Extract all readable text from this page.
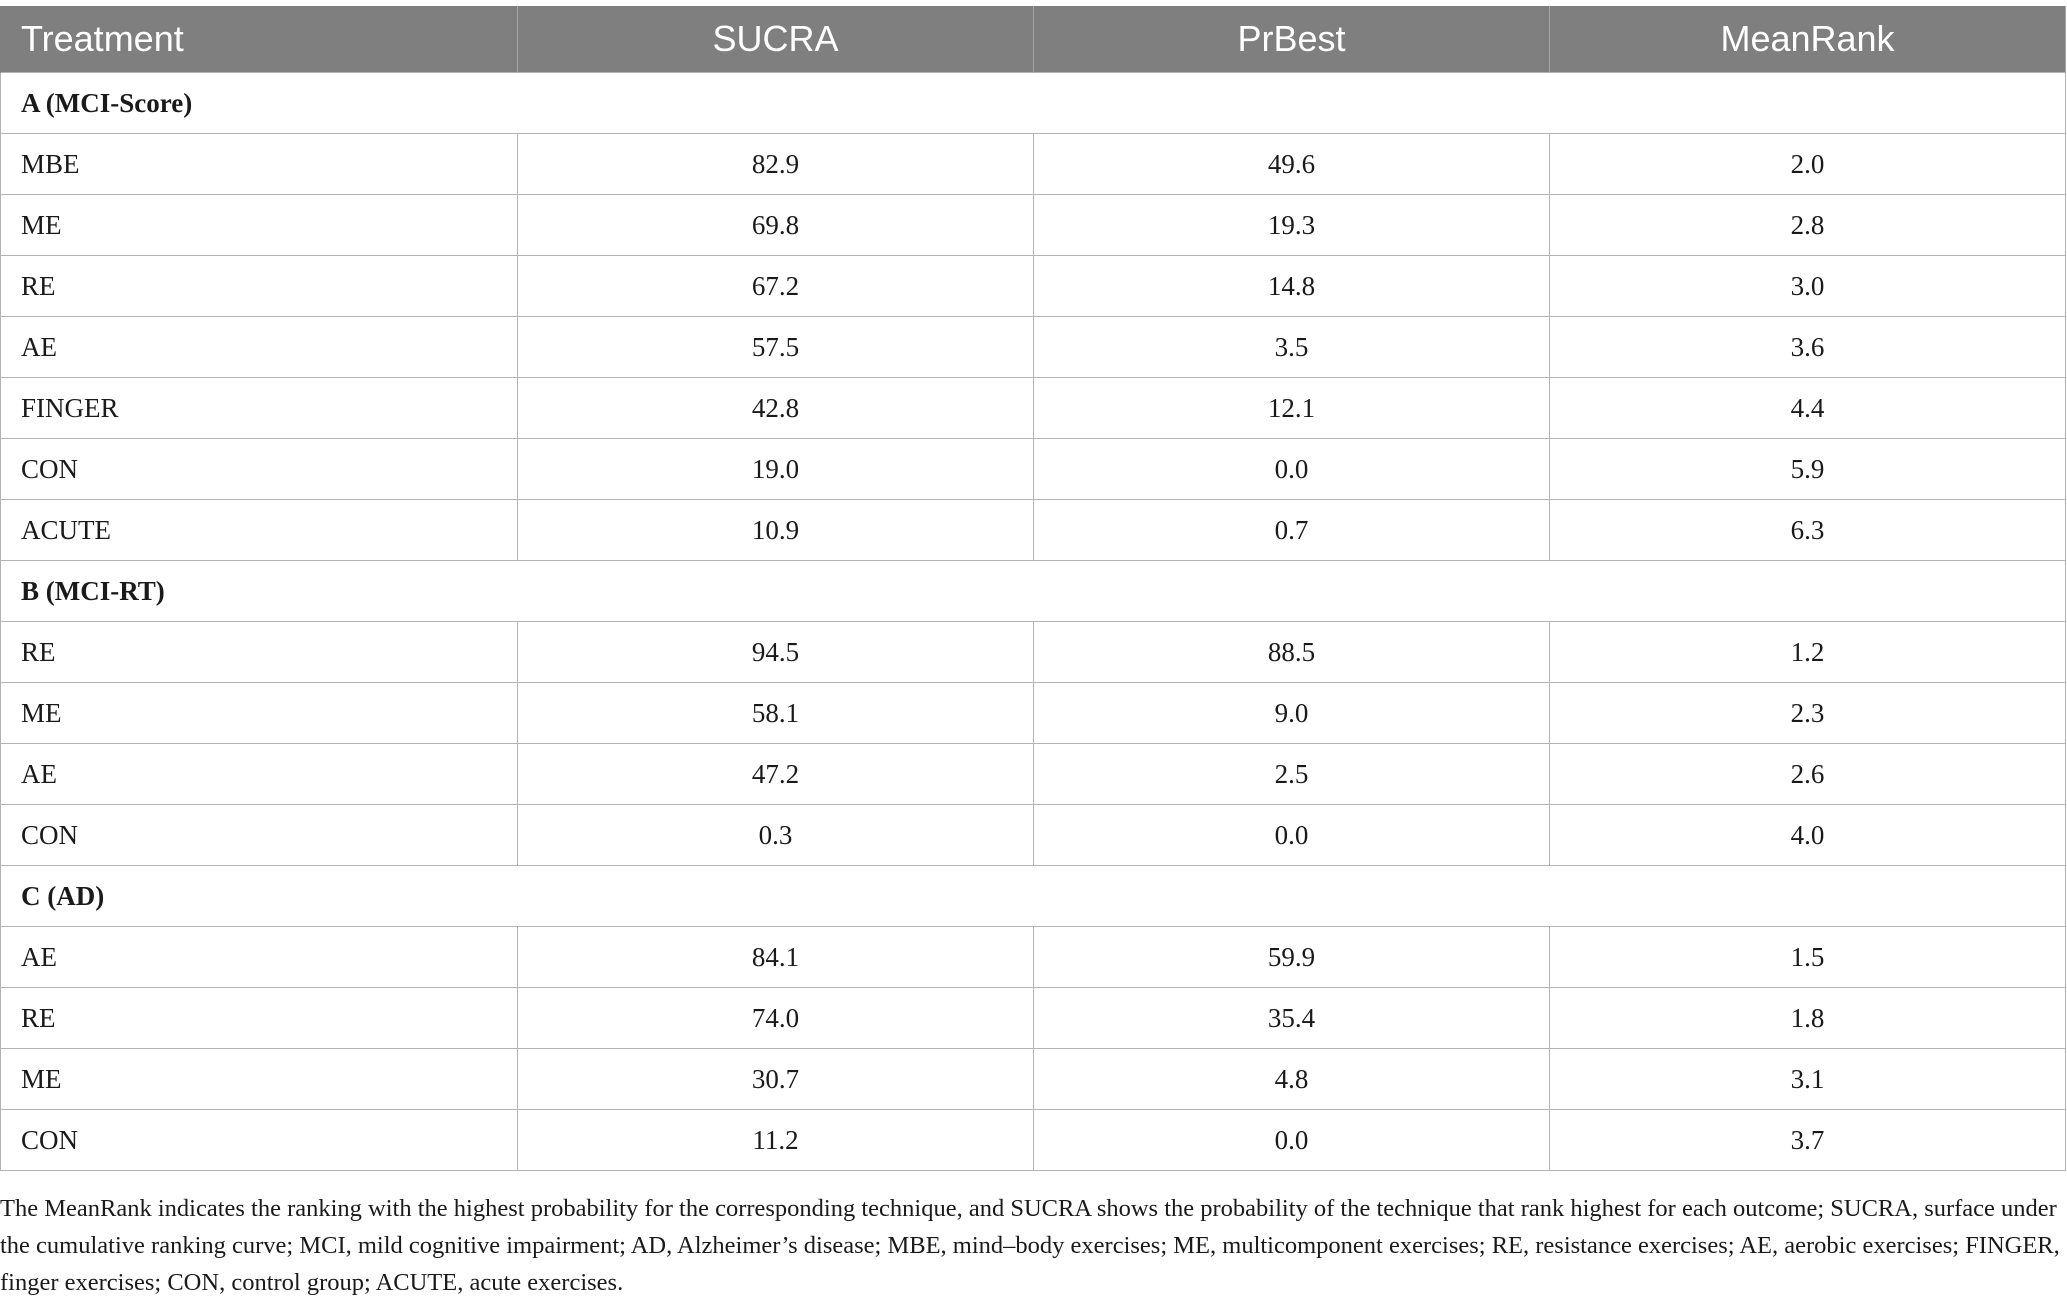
Treatment	SUCRA	PrBest	MeanRank
A (MCI-Score)			
MBE	82.9	49.6	2.0
ME	69.8	19.3	2.8
RE	67.2	14.8	3.0
AE	57.5	3.5	3.6
FINGER	42.8	12.1	4.4
CON	19.0	0.0	5.9
ACUTE	10.9	0.7	6.3
B (MCI-RT)			
RE	94.5	88.5	1.2
ME	58.1	9.0	2.3
AE	47.2	2.5	2.6
CON	0.3	0.0	4.0
C (AD)			
AE	84.1	59.9	1.5
RE	74.0	35.4	1.8
ME	30.7	4.8	3.1
CON	11.2	0.0	3.7

The MeanRank indicates the ranking with the highest probability for the corresponding technique, and SUCRA shows the probability of the technique that rank highest for each outcome; SUCRA, surface under the cumulative ranking curve; MCI, mild cognitive impairment; AD, Alzheimer’s disease; MBE, mind–body exercises; ME, multicomponent exercises; RE, resistance exercises; AE, aerobic exercises; FINGER, finger exercises; CON, control group; ACUTE, acute exercises.
